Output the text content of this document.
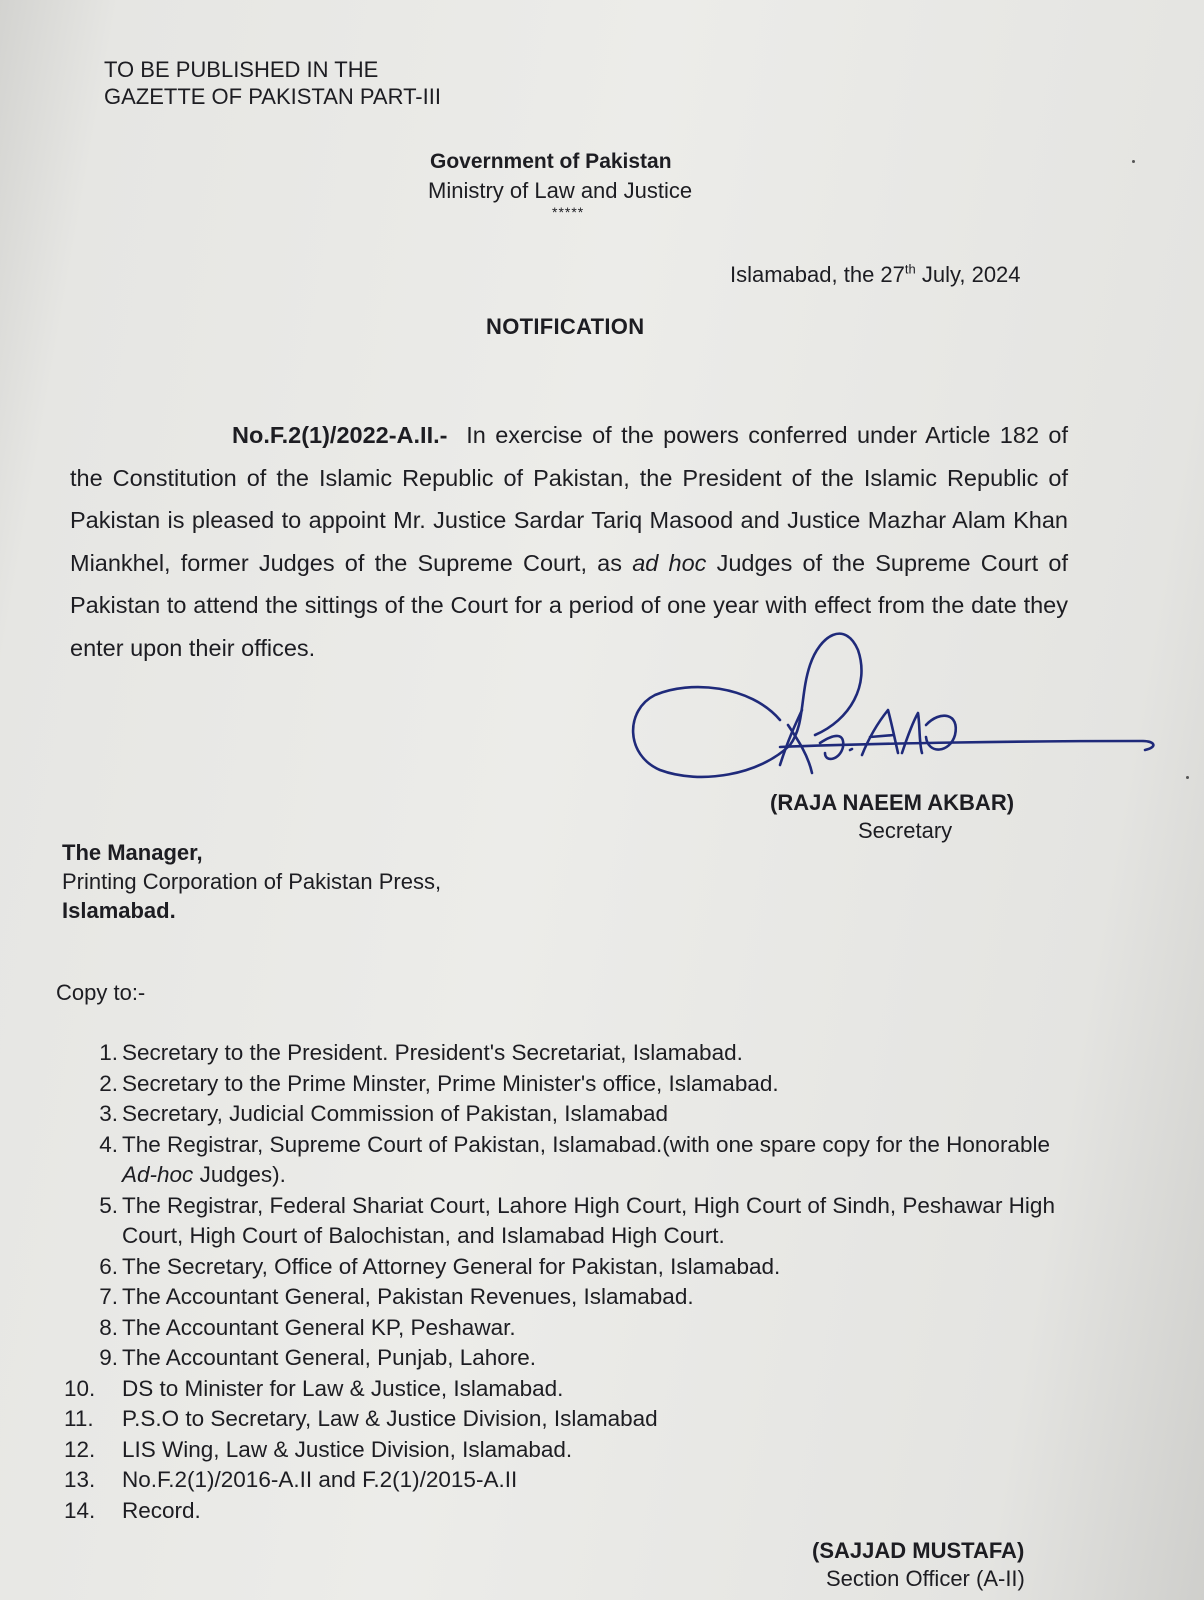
TO BE PUBLISHED IN THE
GAZETTE OF PAKISTAN PART-III
Government of Pakistan
Ministry of Law and Justice
*****
Islamabad, the 27th July, 2024
NOTIFICATION
No.F.2(1)/2022-A.II.- In exercise of the powers conferred under Article 182 of the Constitution of the Islamic Republic of Pakistan, the President of the Islamic Republic of Pakistan is pleased to appoint Mr. Justice Sardar Tariq Masood and Justice Mazhar Alam Khan Miankhel, former Judges of the Supreme Court, as ad hoc Judges of the Supreme Court of Pakistan to attend the sittings of the Court for a period of one year with effect from the date they enter upon their offices.
(RAJA NAEEM AKBAR)
Secretary
The Manager,
Printing Corporation of Pakistan Press,
Islamabad.
Copy to:-
1. Secretary to the President. President's Secretariat, Islamabad.
2. Secretary to the Prime Minster, Prime Minister's office, Islamabad.
3. Secretary, Judicial Commission of Pakistan, Islamabad
4. The Registrar, Supreme Court of Pakistan, Islamabad.(with one spare copy for the Honorable Ad-hoc Judges).
5. The Registrar, Federal Shariat Court, Lahore High Court, High Court of Sindh, Peshawar High Court, High Court of Balochistan, and Islamabad High Court.
6. The Secretary, Office of Attorney General for Pakistan, Islamabad.
7. The Accountant General, Pakistan Revenues, Islamabad.
8. The Accountant General KP, Peshawar.
9. The Accountant General, Punjab, Lahore.
10.	DS to Minister for Law & Justice, Islamabad.
11.	P.S.O to Secretary, Law & Justice Division, Islamabad
12.	LIS Wing, Law & Justice Division, Islamabad.
13.	No.F.2(1)/2016-A.II and F.2(1)/2015-A.II
14.	Record.
(SAJJAD MUSTAFA)
Section Officer (A-II)
